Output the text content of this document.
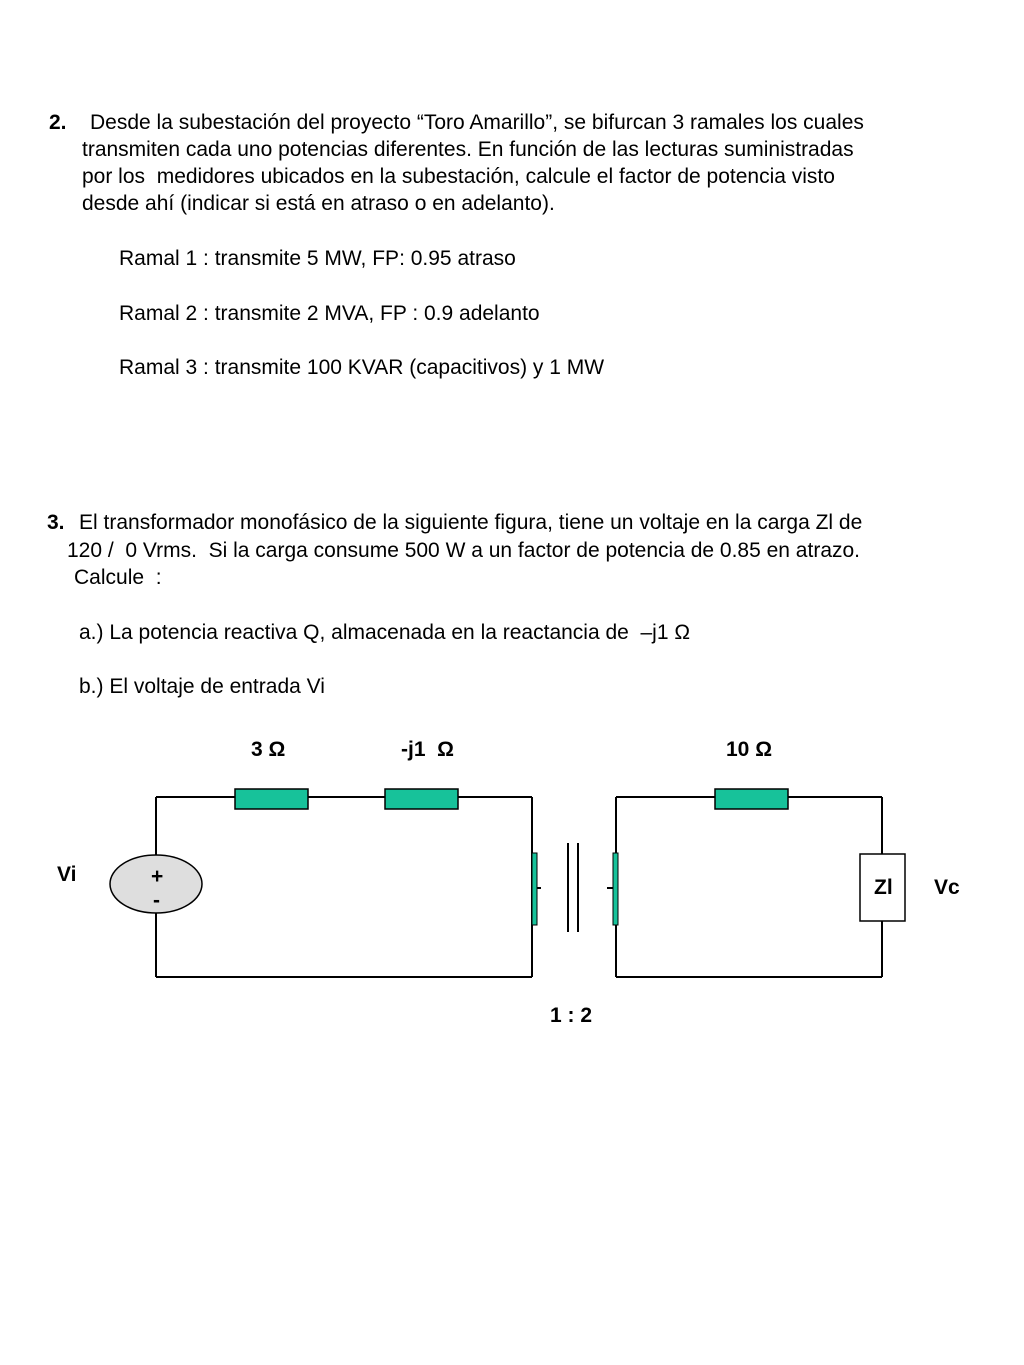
2. Desde la subestación del proyecto “Toro Amarillo”, se bifurcan 3 ramales los cuales
transmiten cada uno potencias diferentes. En función de las lecturas suministradas
por los  medidores ubicados en la subestación, calcule el factor de potencia visto
desde ahí (indicar si está en atraso o en adelanto).
Ramal 1 : transmite 5 MW, FP: 0.95 atraso
Ramal 2 : transmite 2 MVA, FP : 0.9 adelanto
Ramal 3 : transmite 100 KVAR (capacitivos) y 1 MW
3. El transformador monofásico de la siguiente figura, tiene un voltaje en la carga Zl de
120 /  0 Vrms.  Si la carga consume 500 W a un factor de potencia de 0.85 en atrazo.
Calcule  :
a.) La potencia reactiva Q, almacenada en la reactancia de  –j1 Ω
b.) El voltaje de entrada Vi
3 Ω	-j1  Ω	10 Ω
Vi	+
-
Zl Vc
1 : 2
